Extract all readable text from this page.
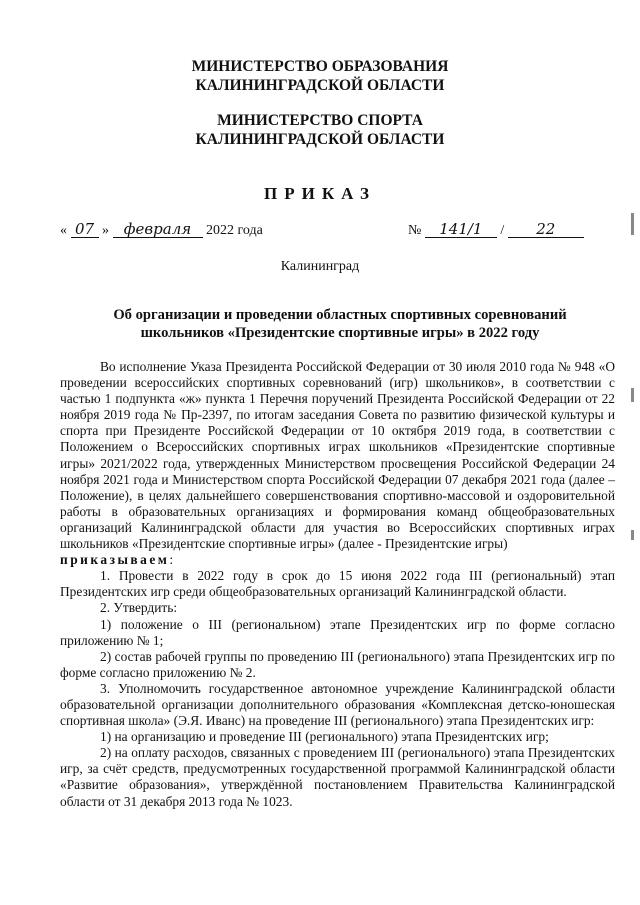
МИНИСТЕРСТВО ОБРАЗОВАНИЯ
КАЛИНИНГРАДСКОЙ ОБЛАСТИ
МИНИСТЕРСТВО СПОРТА
КАЛИНИНГРАДСКОЙ ОБЛАСТИ
ПРИКАЗ
« 07 » февраля 2022 года	№ 141/1 / 22
Калининград
Об организации и проведении областных спортивных соревнований
школьников «Президентские спортивные игры» в 2022 году

Во исполнение Указа Президента Российской Федерации от 30 июля 2010 года № 948 «О проведении всероссийских спортивных соревнований (игр) школьников», в соответствии с частью 1 подпункта «ж» пункта 1 Перечня поручений Президента Российской Федерации от 22 ноября 2019 года № Пр-2397, по итогам заседания Совета по развитию физической культуры и спорта при Президенте Российской Федерации от 10 октября 2019 года, в соответствии с Положением о Всероссийских спортивных играх школьников «Президентские спортивные игры» 2021/2022 года, утвержденных Министерством просвещения Российской Федерации 24 ноября 2021 года и Министерством спорта Российской Федерации 07 декабря 2021 года (далее – Положение), в целях дальнейшего совершенствования спортивно-массовой и оздоровительной работы в образовательных организациях и формирования команд общеобразовательных организаций Калининградской области для участия во Всероссийских спортивных играх школьников «Президентские спортивные игры» (далее - Президентские игры)

приказываем:

1. Провести в 2022 году в срок до 15 июня 2022 года III (региональный) этап Президентских игр среди общеобразовательных организаций Калининградской области.

2. Утвердить:

1) положение о III (региональном) этапе Президентских игр по форме согласно приложению № 1;

2) состав рабочей группы по проведению III (регионального) этапа Президентских игр по форме согласно приложению № 2.

3. Уполномочить государственное автономное учреждение Калининградской области образовательной организации дополнительного образования «Комплексная детско-юношеская спортивная школа» (Э.Я. Иванс) на проведение III (регионального) этапа Президентских игр:

1) на организацию и проведение III (регионального) этапа Президентских игр;

2) на оплату расходов, связанных с проведением III (регионального) этапа Президентских игр, за счёт средств, предусмотренных государственной программой Калининградской области «Развитие образования», утверждённой постановлением Правительства Калининградской области от 31 декабря 2013 года № 1023.
